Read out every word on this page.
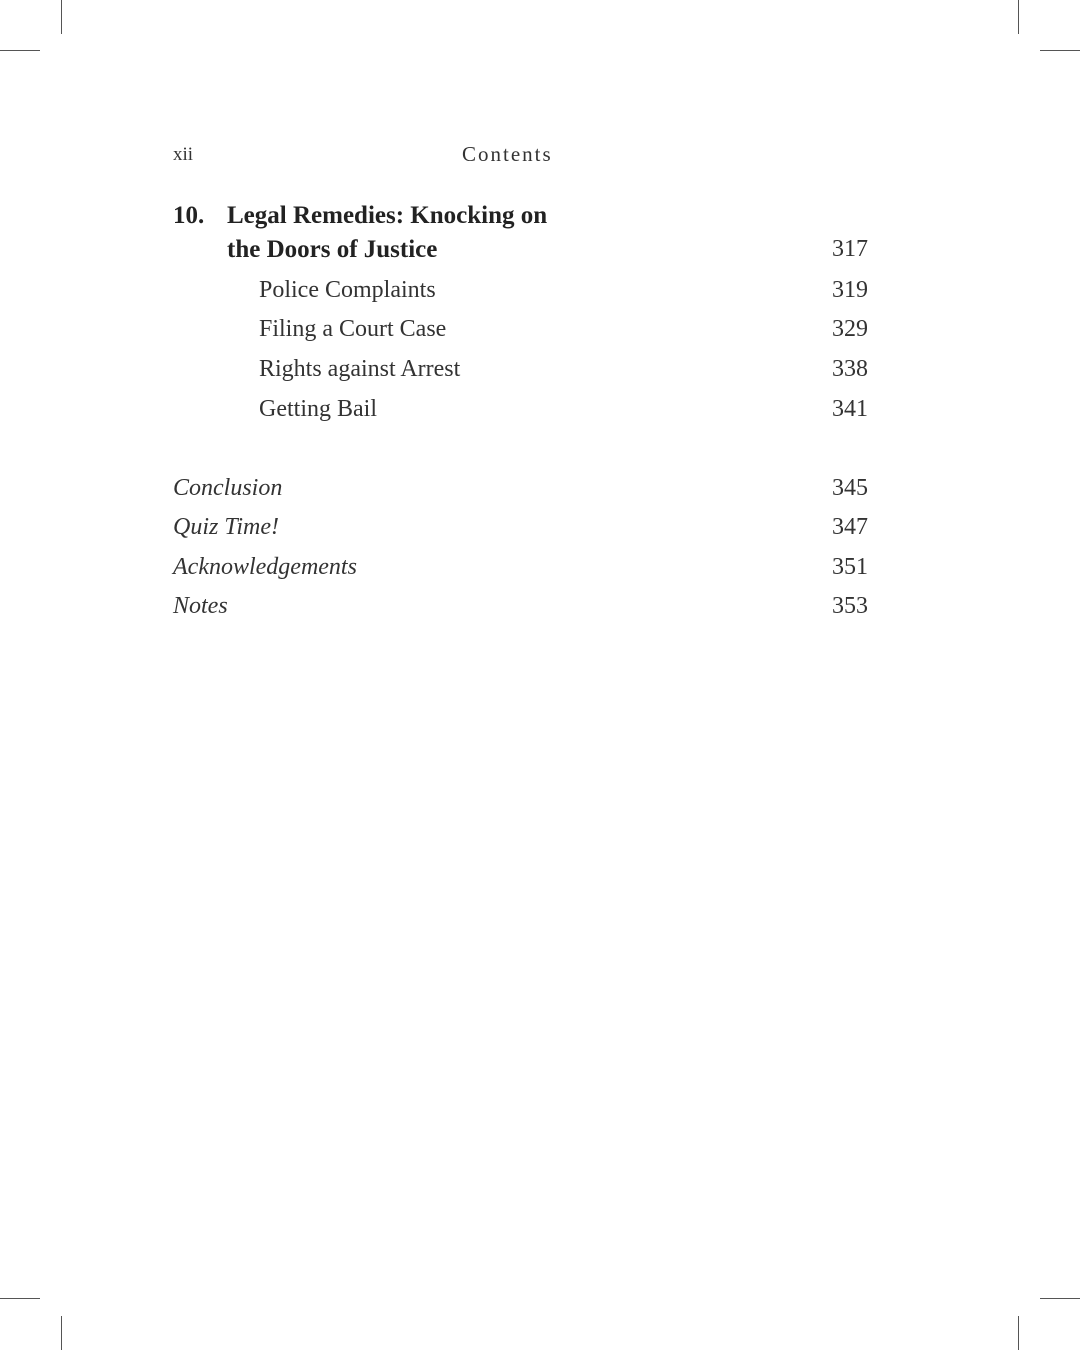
xii	Contents
10. Legal Remedies: Knocking on
the Doors of Justice	317
Police Complaints	319
Filing a Court Case	329
Rights against Arrest	338
Getting Bail	341
Conclusion	345
Quiz Time!	347
Acknowledgements	351
Notes	353
